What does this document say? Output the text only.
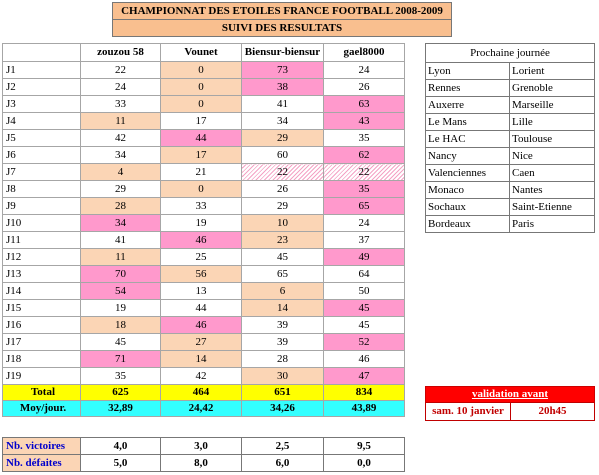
CHAMPIONNAT DES ETOILES FRANCE FOOTBALL 2008-2009
SUIVI DES RESULTATS
	zouzou 58	Vounet	Biensur-biensur	gael8000
J1	22	0	73	24
J2	24	0	38	26
J3	33	0	41	63
J4	11	17	34	43
J5	42	44	29	35
J6	34	17	60	62
J7	4	21	22	22
J8	29	0	26	35
J9	28	33	29	65
J10	34	19	10	24
J11	41	46	23	37
J12	11	25	45	49
J13	70	56	65	64
J14	54	13	6	50
J15	19	44	14	45
J16	18	46	39	45
J17	45	27	39	52
J18	71	14	28	46
J19	35	42	30	47
Total	625	464	651	834
Moy/jour.	32,89	24,42	34,26	43,89
Prochaine journée	
Lyon	Lorient
Rennes	Grenoble
Auxerre	Marseille
Le Mans	Lille
Le HAC	Toulouse
Nancy	Nice
Valenciennes	Caen
Monaco	Nantes
Sochaux	Saint-Etienne
Bordeaux	Paris
validation avant
sam. 10 janvier	20h45
Nb. victoires	4,0	3,0	2,5	9,5
Nb. défaites	5,0	8,0	6,0	0,0
